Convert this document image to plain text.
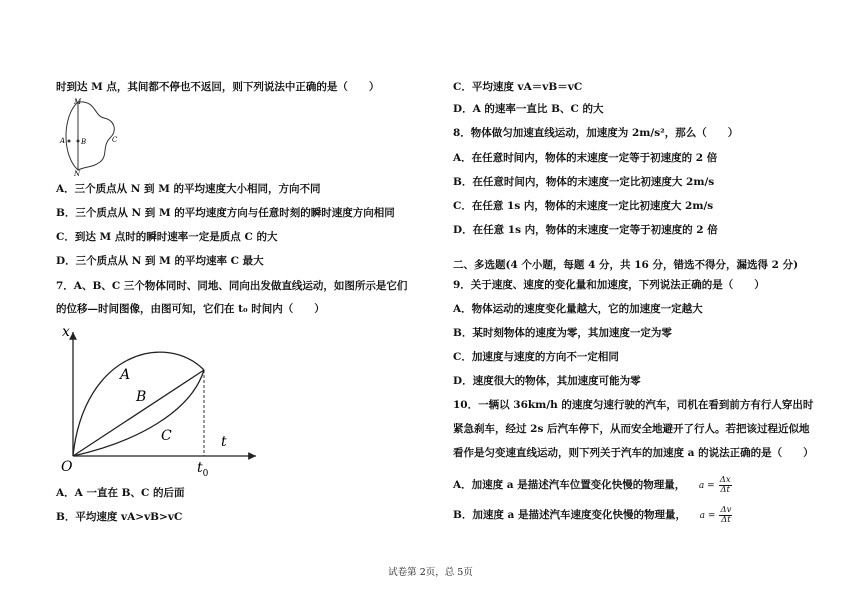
时到达 M 点，其间都不停也不返回，则下列说法中正确的是（　　）
M
A B	C
N
A．三个质点从 N 到 M 的平均速度大小相同，方向不同
B．三个质点从 N 到 M 的平均速度方向与任意时刻的瞬时速度方向相同
C．到达 M 点时的瞬时速率一定是质点 C 的大
D．三个质点从 N 到 M 的平均速率 C 最大
7．A、B、C 三个物体同时、同地、同向出发做直线运动，如图所示是它们
的位移—时间图像，由图可知，它们在 t₀ 时间内（　　）
x
t
O	$t_0$
A
B
C
A．A 一直在 B、C 的后面
B．平均速度 vA>vB>vC
C．平均速度 vA＝vB＝vC
D．A 的速率一直比 B、C 的大
8．物体做匀加速直线运动，加速度为 2m/s²，那么（　　）
A．在任意时间内，物体的末速度一定等于初速度的 2 倍
B．在任意时间内，物体的末速度一定比初速度大 2m/s
C．在任意 1s 内，物体的末速度一定比初速度大 2m/s
D．在任意 1s 内，物体的末速度一定等于初速度的 2 倍
二、多选题(4 个小题，每题 4 分，共 16 分，错选不得分，漏选得 2 分)
9．关于速度、速度的变化量和加速度，下列说法正确的是（　　）
A．物体运动的速度变化量越大，它的加速度一定越大
B．某时刻物体的速度为零，其加速度一定为零
C．加速度与速度的方向不一定相同
D．速度很大的物体，其加速度可能为零
10．一辆以 36km/h 的速度匀速行驶的汽车，司机在看到前方有行人穿出时
紧急刹车，经过 2s 后汽车停下，从而安全地避开了行人。若把该过程近似地
看作是匀变速直线运动，则下列关于汽车的加速度 a 的说法正确的是（　　）
A．加速度 a 是描述汽车位置变化快慢的物理量， $a = \frac{\Delta x}{\Delta t}$
B．加速度 a 是描述汽车速度变化快慢的物理量， $a = \frac{\Delta v}{\Delta t}$
试卷第 2页，总 5页
